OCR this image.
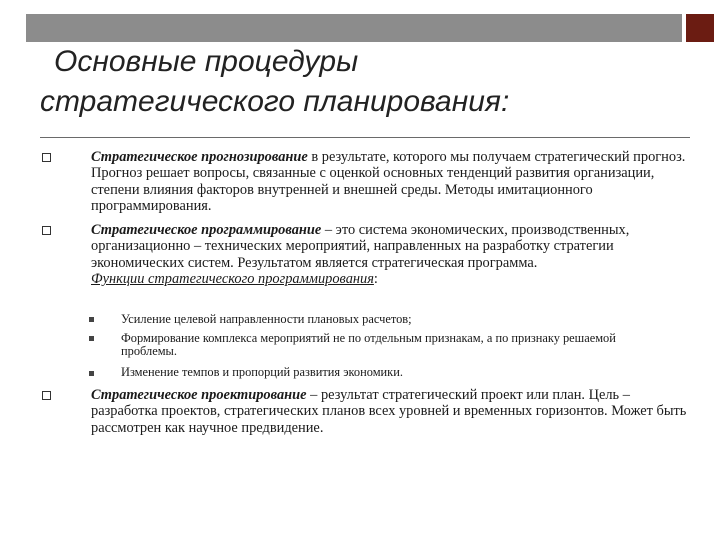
Основные процедуры
стратегического планирования:
Стратегическое прогнозирование в результате, которого мы получаем стратегический прогноз. Прогноз решает вопросы, связанные с оценкой основных тенденций развития организации, степени влияния факторов внутренней и внешней среды. Методы имитационного программирования.
Стратегическое программирование – это система экономических, производственных, организационно – технических мероприятий, направленных на разработку стратегии экономических систем. Результатом является стратегическая программа.
Функции стратегического программирования:
Усиление целевой направленности плановых расчетов;
Формирование комплекса мероприятий не по отдельным признакам, а по признаку решаемой проблемы.
Изменение темпов и пропорций развития экономики.
Стратегическое проектирование – результат стратегический проект или план. Цель – разработка проектов, стратегических планов всех уровней и временных горизонтов. Может быть рассмотрен как научное предвидение.
